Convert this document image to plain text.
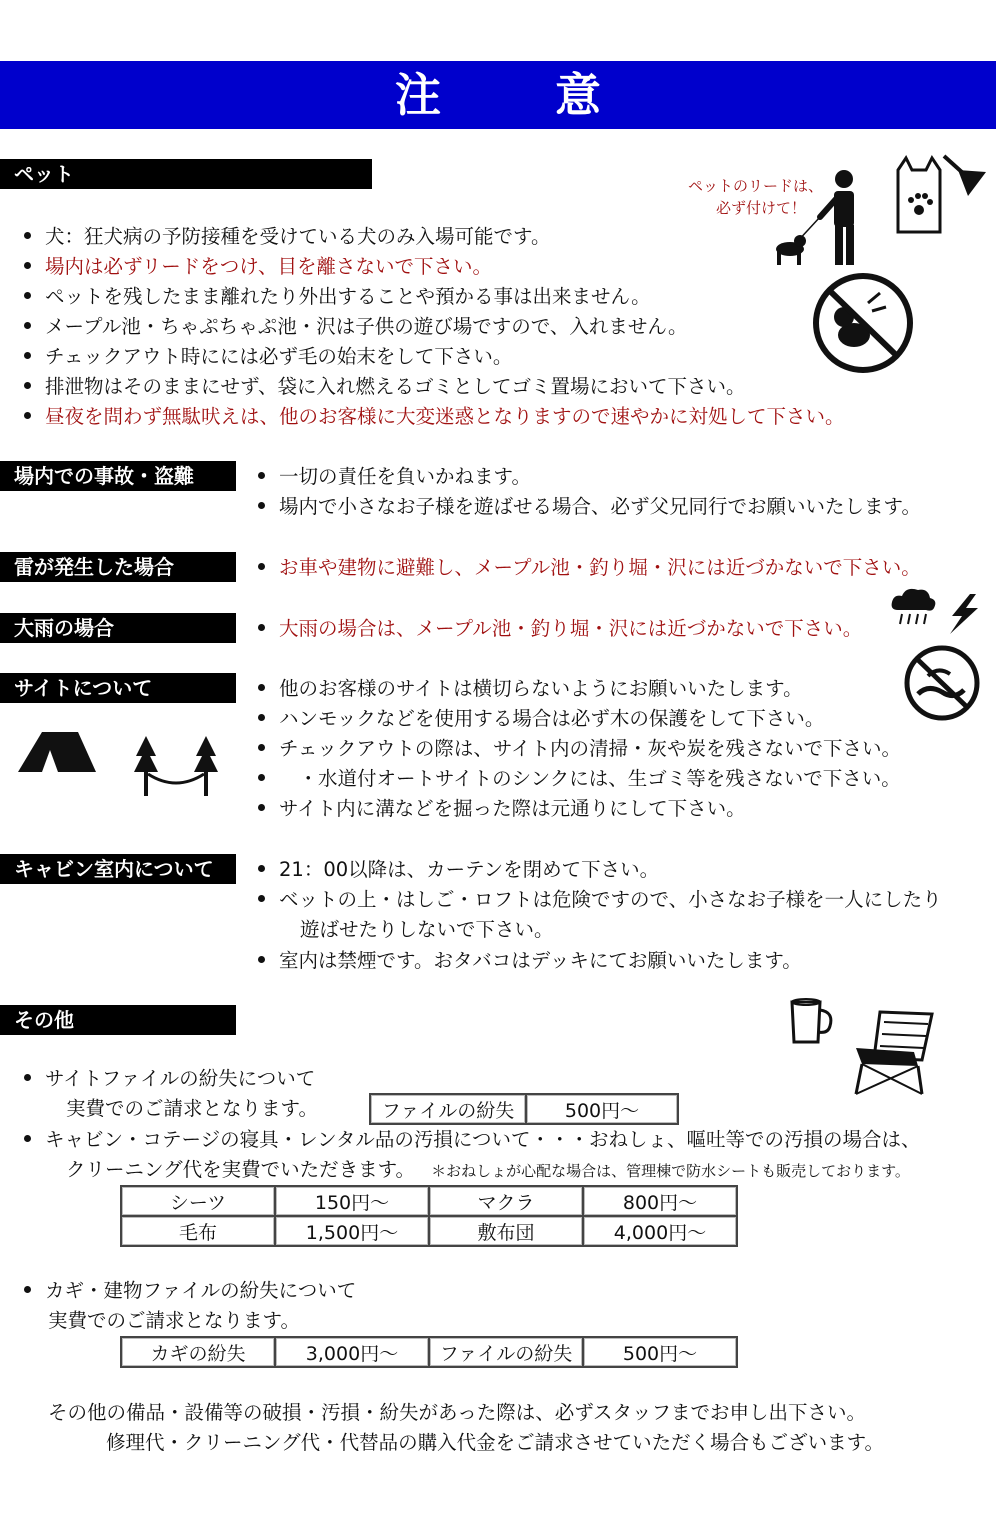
注 意
ペット	ペットのリードは、
必ず付けて！
犬：狂犬病の予防接種を受けている犬のみ入場可能です。
場内は必ずリードをつけ、目を離さないで下さい。
ペットを残したまま離れたり外出することや預かる事は出来ません。
メープル池・ちゃぷちゃぷ池・沢は子供の遊び場ですので、入れません。
チェックアウト時にには必ず毛の始末をして下さい。
排泄物はそのままにせず、袋に入れ燃えるゴミとしてゴミ置場において下さい。
昼夜を問わず無駄吠えは、他のお客様に大変迷惑となりますので速やかに対処して下さい。
場内での事故・盗難	一切の責任を負いかねます。
場内で小さなお子様を遊ばせる場合、必ず父兄同行でお願いいたします。
雷が発生した場合	お車や建物に避難し、メープル池・釣り堀・沢には近づかないで下さい。
大雨の場合	大雨の場合は、メープル池・釣り堀・沢には近づかないで下さい。
サイトについて	他のお客様のサイトは横切らないようにお願いいたします。
ハンモックなどを使用する場合は必ず木の保護をして下さい。
チェックアウトの際は、サイト内の清掃・灰や炭を残さないで下さい。
　・水道付オートサイトのシンクには、生ゴミ等を残さないで下さい。
サイト内に溝などを掘った際は元通りにして下さい。
キャビン室内について	21：00以降は、カーテンを閉めて下さい。
ベットの上・はしご・ロフトは危険ですので、小さなお子様を一人にしたり
遊ばせたりしないで下さい。
室内は禁煙です。おタバコはデッキにてお願いいたします。
その他
サイトファイルの紛失について
実費でのご請求となります。	ファイルの紛失	500円～
キャビン・コテージの寝具・レンタル品の汚損について・・・おねしょ、嘔吐等での汚損の場合は、
クリーニング代を実費でいただきます。 ＊おねしょが心配な場合は、管理棟で防水シートも販売しております。
シーツ	150円～	マクラ	800円～
毛布	1,500円～	敷布団	4,000円～
カギ・建物ファイルの紛失について
実費でのご請求となります。
カギの紛失	3,000円～	ファイルの紛失	500円～
その他の備品・設備等の破損・汚損・紛失があった際は、必ずスタッフまでお申し出下さい。
修理代・クリーニング代・代替品の購入代金をご請求させていただく場合もございます。
